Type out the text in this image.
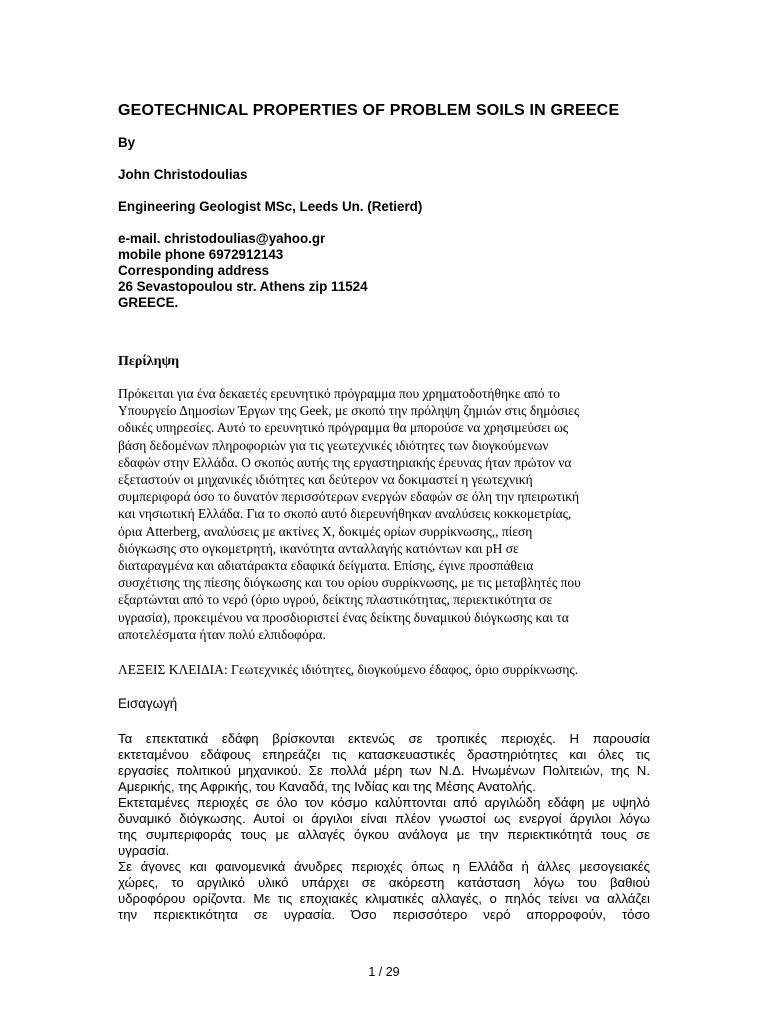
GEOTECHNICAL PROPERTIES OF PROBLEM SOILS IN GREECE

By

John Christodoulias

Engineering Geologist MSc, Leeds Un. (Retierd)

e-mail. christodoulias@yahoo.gr

mobile phone 6972912143

Corresponding address

26 Sevastopoulou str. Athens zip 11524

GREECE.

Περίληψη

Πρόκειται για ένα δεκαετές ερευνητικό πρόγραμμα που χρηματοδοτήθηκε από το
Υπουργείο Δημοσίων Έργων της Geek, με σκοπό την πρόληψη ζημιών στις δημόσιες
οδικές υπηρεσίες. Αυτό το ερευνητικό πρόγραμμα θα μπορούσε να χρησιμεύσει ως
βάση δεδομένων πληροφοριών για τις γεωτεχνικές ιδιότητες των διογκούμενων
εδαφών στην Ελλάδα. Ο σκοπός αυτής της εργαστηριακής έρευνας ήταν πρώτον να
εξεταστούν οι μηχανικές ιδιότητες και δεύτερον να δοκιμαστεί η γεωτεχνική
συμπεριφορά όσο το δυνατόν περισσότερων ενεργών εδαφών σε όλη την ηπειρωτική
και νησιωτική Ελλάδα. Για το σκοπό αυτό διερευνήθηκαν αναλύσεις κοκκομετρίας,
όρια Atterberg, αναλύσεις με ακτίνες Χ, δοκιμές ορίων συρρίκνωσης,, πίεση
διόγκωσης στο ογκομετρητή, ικανότητα ανταλλαγής κατιόντων και pH σε
διαταραγμένα και αδιατάρακτα εδαφικά δείγματα. Επίσης, έγινε προσπάθεια
συσχέτισης της πίεσης διόγκωσης και του ορίου συρρίκνωσης, με τις μεταβλητές που
εξαρτώνται από το νερό (όριο υγρού, δείκτης πλαστικότητας, περιεκτικότητα σε
υγρασία), προκειμένου να προσδιοριστεί ένας δείκτης δυναμικού διόγκωσης και τα
αποτελέσματα ήταν πολύ ελπιδοφόρα.

ΛΕΞΕΙΣ ΚΛΕΙΔΙΑ: Γεωτεχνικές ιδιότητες, διογκούμενο έδαφος, όριο συρρίκνωσης.

Εισαγωγή

Τα επεκτατικά εδάφη βρίσκονται εκτενώς σε τροπικές περιοχές. Η παρουσία
εκτεταμένου εδάφους επηρεάζει τις κατασκευαστικές δραστηριότητες και όλες τις
εργασίες πολιτικού μηχανικού. Σε πολλά μέρη των Ν.Δ. Ηνωμένων Πολιτειών, της Ν.
Αμερικής, της Αφρικής, του Καναδά, της Ινδίας και της Μέσης Ανατολής.
Εκτεταμένες περιοχές σε όλο τον κόσμο καλύπτονται από αργιλώδη εδάφη με υψηλό
δυναμικό διόγκωσης. Αυτοί οι άργιλοι είναι πλέον γνωστοί ως ενεργοί άργιλοι λόγω
της συμπεριφοράς τους με αλλαγές όγκου ανάλογα με την περιεκτικότητά τους σε
υγρασία.
Σε άγονες και φαινομενικά άνυδρες περιοχές όπως η Ελλάδα ή άλλες μεσογειακές
χώρες, το αργιλικό υλικό υπάρχει σε ακόρεστη κατάσταση λόγω του βαθιού
υδροφόρου ορίζοντα. Με τις εποχιακές κλιματικές αλλαγές, ο πηλός τείνει να αλλάζει
την περιεκτικότητα σε υγρασία. Όσο περισσότερο νερό απορροφούν, τόσο

1 / 29
